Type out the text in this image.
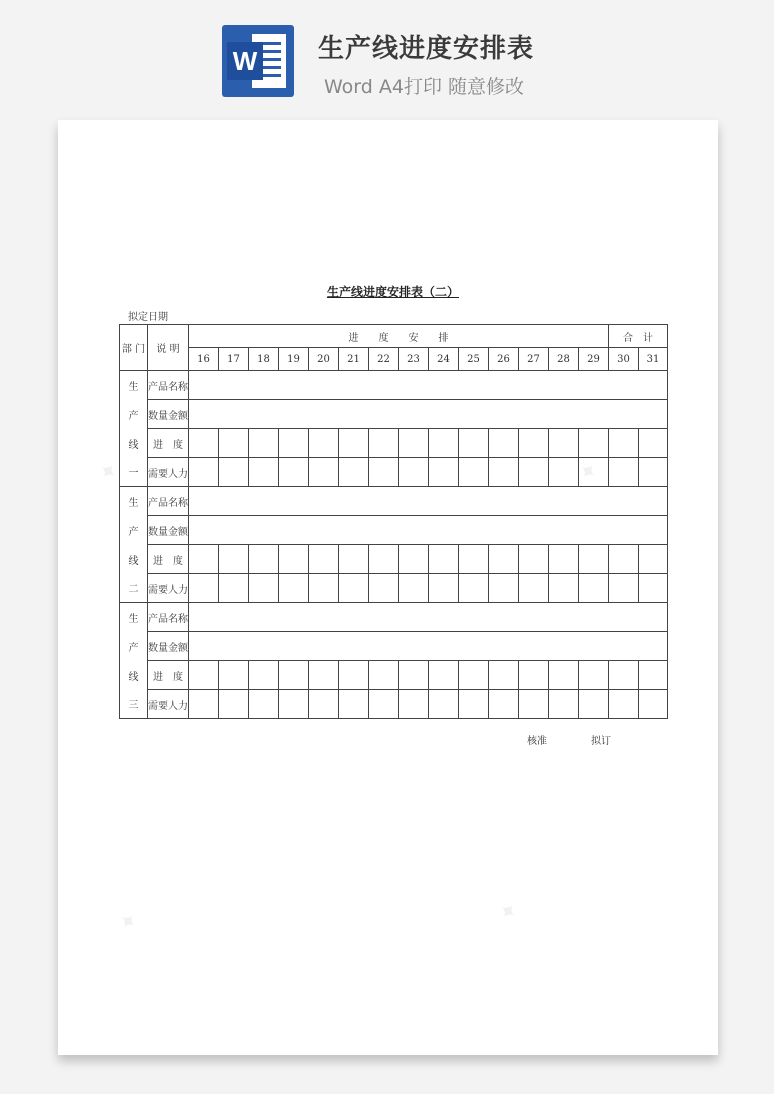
W 生产线进度安排表
Word A4打印 随意修改
生产线进度安排表（二）
拟定日期
部 门	说 明	进　　度　　安　　排														合　计	
		16	17	18	19	20	21	22	23	24	25	26	27	28	29	30	31
生	产品名称																
产	数量金额																
线	进　度																
一	需要人力																
生	产品名称																
产	数量金额																
线	进　度																
二	需要人力																
生	产品名称																
产	数量金额																
线	进　度																
三	需要人力																
核准	拟订
✦	✦
✦	✦
